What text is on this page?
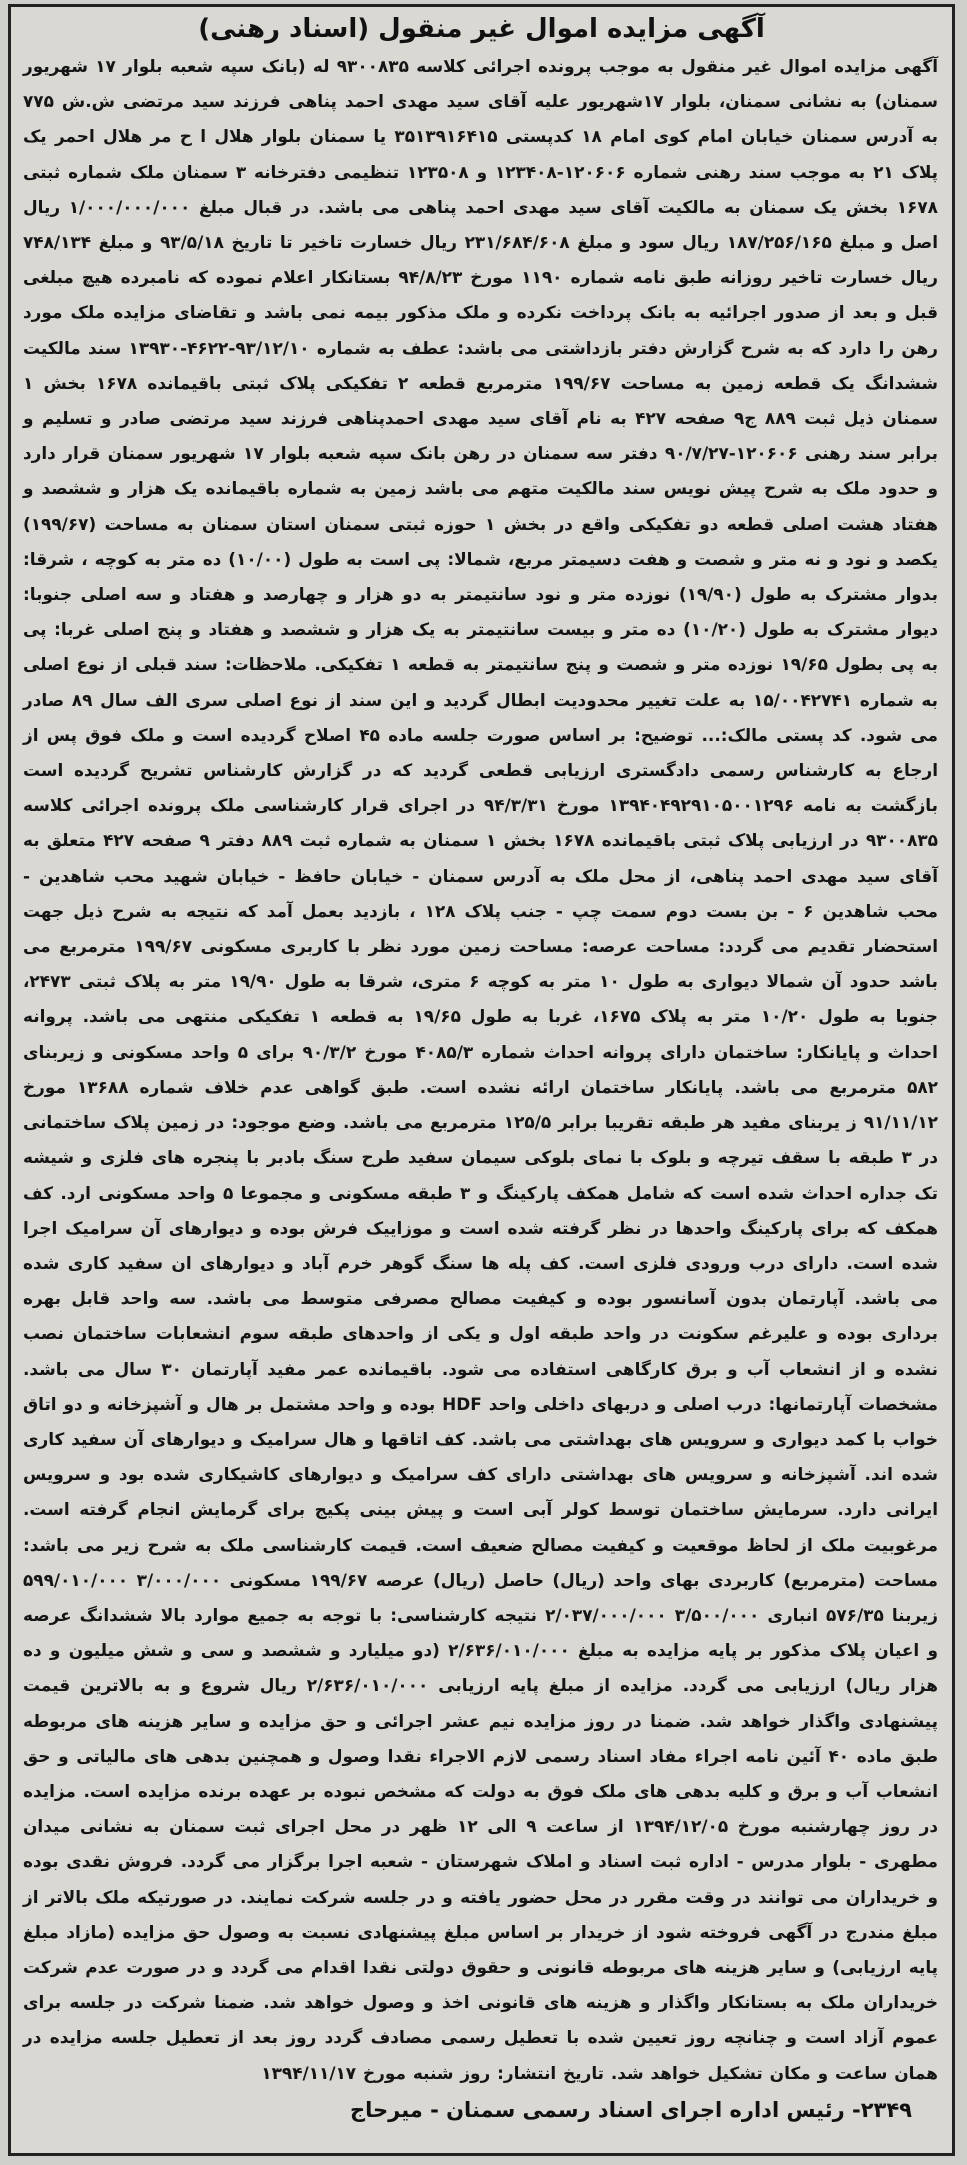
آگهی مزایده اموال غیر منقول (اسناد رهنی)
آگهی مزایده اموال غیر منقول به موجب پرونده اجرائی کلاسه ۹۳۰۰۸۳۵ له (بانک سپه شعبه بلوار ۱۷ شهریور سمنان) به نشانی سمنان، بلوار ۱۷شهریور علیه آقای سید مهدی احمد پناهی فرزند سید مرتضی ش.ش ۷۷۵ به آدرس سمنان خیابان امام کوی امام ۱۸ کدپستی ۳۵۱۳۹۱۶۴۱۵ یا سمنان بلوار هلال ا ح مر هلال احمر یک پلاک ۲۱ به موجب سند رهنی شماره ۱۲۰۶۰۶-۱۲۳۴۰۸ و ۱۲۳۵۰۸ تنظیمی دفترخانه ۳ سمنان ملک شماره ثبتی ۱۶۷۸ بخش یک سمنان به مالکیت آقای سید مهدی احمد پناهی می باشد. در قبال مبلغ ۱/۰۰۰/۰۰۰/۰۰۰ ریال اصل و مبلغ ۱۸۷/۲۵۶/۱۶۵ ریال سود و مبلغ ۲۳۱/۶۸۴/۶۰۸ ریال خسارت تاخیر تا تاریخ ۹۳/۵/۱۸ و مبلغ ۷۴۸/۱۳۴ ریال خسارت تاخیر روزانه طبق نامه شماره ۱۱۹۰ مورخ ۹۴/۸/۲۳ بستانکار اعلام نموده که نامبرده هیچ مبلغی قبل و بعد از صدور اجرائیه به بانک پرداخت نکرده و ملک مذکور بیمه نمی باشد و تقاضای مزایده ملک مورد رهن را دارد که به شرح گزارش دفتر بازداشتی می باشد: عطف به شماره ۹۳/۱۲/۱۰-۴۶۲۲-۱۳۹۳۰ سند مالکیت ششدانگ یک قطعه زمین به مساحت ۱۹۹/۶۷ مترمربع قطعه ۲ تفکیکی پلاک ثبتی باقیمانده ۱۶۷۸ بخش ۱ سمنان ذیل ثبت ۸۸۹ ج۹ صفحه ۴۲۷ به نام آقای سید مهدی احمدپناهی فرزند سید مرتضی صادر و تسلیم و برابر سند رهنی ۱۲۰۶۰۶-۹۰/۷/۲۷ دفتر سه سمنان در رهن بانک سپه شعبه بلوار ۱۷ شهریور سمنان قرار دارد و حدود ملک به شرح پیش نویس سند مالکیت متهم می باشد زمین به شماره باقیمانده یک هزار و ششصد و هفتاد هشت اصلی قطعه دو تفکیکی واقع در بخش ۱ حوزه ثبتی سمنان استان سمنان به مساحت (۱۹۹/۶۷) یکصد و نود و نه متر و شصت و هفت دسیمتر مربع، شمالا: پی است به طول (۱۰/۰۰) ده متر به کوچه ، شرقا: بدوار مشترک به طول (۱۹/۹۰) نوزده متر و نود سانتیمتر به دو هزار و چهارصد و هفتاد و سه اصلی جنوبا: دیوار مشترک به طول (۱۰/۲۰) ده متر و بیست سانتیمتر به یک هزار و ششصد و هفتاد و پنج اصلی غربا: پی به پی بطول ۱۹/۶۵ نوزده متر و شصت و پنج سانتیمتر به قطعه ۱ تفکیکی. ملاحظات: سند قبلی از نوع اصلی به شماره ۱۵/۰۰۴۲۷۴۱ به علت تغییر محدودیت ابطال گردید و این سند از نوع اصلی سری الف سال ۸۹ صادر می شود. کد پستی مالک:... توضیح: بر اساس صورت جلسه ماده ۴۵ اصلاح گردیده است و ملک فوق پس از ارجاع به کارشناس رسمی دادگستری ارزیابی قطعی گردید که در گزارش کارشناس تشریح گردیده است بازگشت به نامه ۱۳۹۴۰۴۹۲۹۱۰۵۰۰۱۲۹۶ مورخ ۹۴/۳/۳۱ در اجرای قرار کارشناسی ملک پرونده اجرائی کلاسه ۹۳۰۰۸۳۵ در ارزیابی پلاک ثبتی باقیمانده ۱۶۷۸ بخش ۱ سمنان به شماره ثبت ۸۸۹ دفتر ۹ صفحه ۴۲۷ متعلق به آقای سید مهدی احمد پناهی، از محل ملک به آدرس سمنان - خیابان حافظ - خیابان شهید محب شاهدین - محب شاهدین ۶ - بن بست دوم سمت چپ - جنب پلاک ۱۲۸ ، بازدید بعمل آمد که نتیجه به شرح ذیل جهت استحضار تقدیم می گردد: مساحت عرصه: مساحت زمین مورد نظر با کاربری مسکونی ۱۹۹/۶۷ مترمربع می باشد حدود آن شمالا دیواری به طول ۱۰ متر به کوچه ۶ متری، شرقا به طول ۱۹/۹۰ متر به پلاک ثبتی ۲۴۷۳، جنوبا به طول ۱۰/۲۰ متر به پلاک ۱۶۷۵، غربا به طول ۱۹/۶۵ به قطعه ۱ تفکیکی منتهی می باشد. پروانه احداث و پایانکار: ساختمان دارای پروانه احداث شماره ۴۰۸۵/۳ مورخ ۹۰/۳/۲ برای ۵ واحد مسکونی و زیربنای ۵۸۲ مترمربع می باشد. پایانکار ساختمان ارائه نشده است. طبق گواهی عدم خلاف شماره ۱۳۶۸۸ مورخ ۹۱/۱۱/۱۲ ز یربنای مفید هر طبقه تقریبا برابر ۱۲۵/۵ مترمربع می باشد. وضع موجود: در زمین پلاک ساختمانی در ۳ طبقه با سقف تیرچه و بلوک با نمای بلوکی سیمان سفید طرح سنگ بادبر با پنجره های فلزی و شیشه تک جداره احداث شده است که شامل همکف پارکینگ و ۳ طبقه مسکونی و مجموعا ۵ واحد مسکونی ارد. کف همکف که برای پارکینگ واحدها در نظر گرفته شده است و موزاییک فرش بوده و دیوارهای آن سرامیک اجرا شده است. دارای درب ورودی فلزی است. کف پله ها سنگ گوهر خرم آباد و دیوارهای ان سفید کاری شده می باشد. آپارتمان بدون آسانسور بوده و کیفیت مصالح مصرفی متوسط می باشد. سه واحد قابل بهره برداری بوده و علیرغم سکونت در واحد طبقه اول و یکی از واحدهای طبقه سوم انشعابات ساختمان نصب نشده و از انشعاب آب و برق کارگاهی استفاده می شود. باقیمانده عمر مفید آپارتمان ۳۰ سال می باشد. مشخصات آپارتمانها: درب اصلی و دربهای داخلی واحد HDF بوده و واحد مشتمل بر هال و آشپزخانه و دو اتاق خواب با کمد دیواری و سرویس های بهداشتی می باشد. کف اتاقها و هال سرامیک و دیوارهای آن سفید کاری شده اند. آشپزخانه و سرویس های بهداشتی دارای کف سرامیک و دیوارهای کاشیکاری شده بود و سرویس ایرانی دارد. سرمایش ساختمان توسط کولر آبی است و پیش بینی پکیج برای گرمایش انجام گرفته است. مرغوبیت ملک از لحاظ موقعیت و کیفیت مصالح ضعیف است. قیمت کارشناسی ملک به شرح زیر می باشد: مساحت (مترمربع) کاربردی بهای واحد (ریال) حاصل (ریال) عرصه ۱۹۹/۶۷ مسکونی ۳/۰۰۰/۰۰۰ ۵۹۹/۰۱۰/۰۰۰ زیربنا ۵۷۶/۳۵ انباری ۳/۵۰۰/۰۰۰ ۲/۰۳۷/۰۰۰/۰۰۰ نتیجه کارشناسی: با توجه به جمیع موارد بالا ششدانگ عرصه و اعیان پلاک مذکور بر پایه مزایده به مبلغ ۲/۶۳۶/۰۱۰/۰۰۰ (دو میلیارد و ششصد و سی و شش میلیون و ده هزار ریال) ارزیابی می گردد. مزایده از مبلغ پایه ارزیابی ۲/۶۳۶/۰۱۰/۰۰۰ ریال شروع و به بالاترین قیمت پیشنهادی واگذار خواهد شد. ضمنا در روز مزایده نیم عشر اجرائی و حق مزایده و سایر هزینه های مربوطه طبق ماده ۴۰ آئین نامه اجراء مفاد اسناد رسمی لازم الاجراء نقدا وصول و همچنین بدهی های مالیاتی و حق انشعاب آب و برق و کلیه بدهی های ملک فوق به دولت که مشخص نبوده بر عهده برنده مزایده است. مزایده در روز چهارشنبه مورخ ۱۳۹۴/۱۲/۰۵ از ساعت ۹ الی ۱۲ ظهر در محل اجرای ثبت سمنان به نشانی میدان مطهری - بلوار مدرس - اداره ثبت اسناد و املاک شهرستان - شعبه اجرا برگزار می گردد. فروش نقدی بوده و خریداران می توانند در وقت مقرر در محل حضور یافته و در جلسه شرکت نمایند. در صورتیکه ملک بالاتر از مبلغ مندرج در آگهی فروخته شود از خریدار بر اساس مبلغ پیشنهادی نسبت به وصول حق مزایده (مازاد مبلغ پایه ارزیابی) و سایر هزینه های مربوطه قانونی و حقوق دولتی نقدا اقدام می گردد و در صورت عدم شرکت خریداران ملک به بستانکار واگذار و هزینه های قانونی اخذ و وصول خواهد شد. ضمنا شرکت در جلسه برای عموم آزاد است و چنانچه روز تعیین شده با تعطیل رسمی مصادف گردد روز بعد از تعطیل جلسه مزایده در همان ساعت و مکان تشکیل خواهد شد. تاریخ انتشار: روز شنبه مورخ ۱۳۹۴/۱۱/۱۷
۲۳۴۹- رئیس اداره اجرای اسناد رسمی سمنان - میرحاج
